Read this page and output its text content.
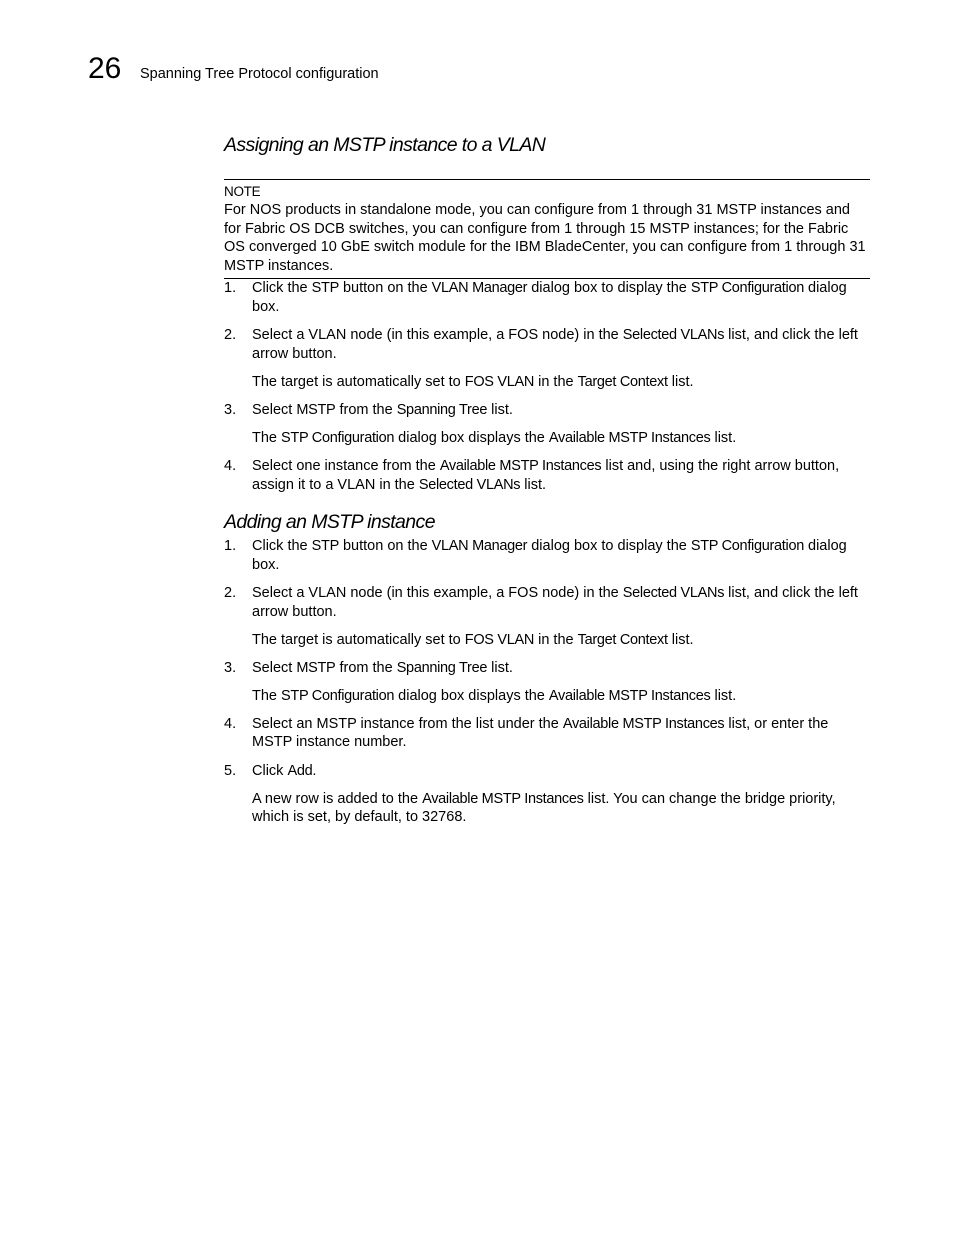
26 Spanning Tree Protocol configuration
Assigning an MSTP instance to a VLAN
NOTE
For NOS products in standalone mode, you can configure from 1 through 31 MSTP instances and for Fabric OS DCB switches, you can configure from 1 through 15 MSTP instances; for the Fabric OS converged 10 GbE switch module for the IBM BladeCenter, you can configure from 1 through 31 MSTP instances.
1. Click the STP button on the VLAN Manager dialog box to display the STP Configuration dialog box.
2. Select a VLAN node (in this example, a FOS node) in the Selected VLANs list, and click the left arrow button.
The target is automatically set to FOS VLAN in the Target Context list.
3. Select MSTP from the Spanning Tree list.
The STP Configuration dialog box displays the Available MSTP Instances list.
4. Select one instance from the Available MSTP Instances list and, using the right arrow button, assign it to a VLAN in the Selected VLANs list.
Adding an MSTP instance
1. Click the STP button on the VLAN Manager dialog box to display the STP Configuration dialog box.
2. Select a VLAN node (in this example, a FOS node) in the Selected VLANs list, and click the left arrow button.
The target is automatically set to FOS VLAN in the Target Context list.
3. Select MSTP from the Spanning Tree list.
The STP Configuration dialog box displays the Available MSTP Instances list.
4. Select an MSTP instance from the list under the Available MSTP Instances list, or enter the MSTP instance number.
5. Click Add.
A new row is added to the Available MSTP Instances list. You can change the bridge priority, which is set, by default, to 32768.
